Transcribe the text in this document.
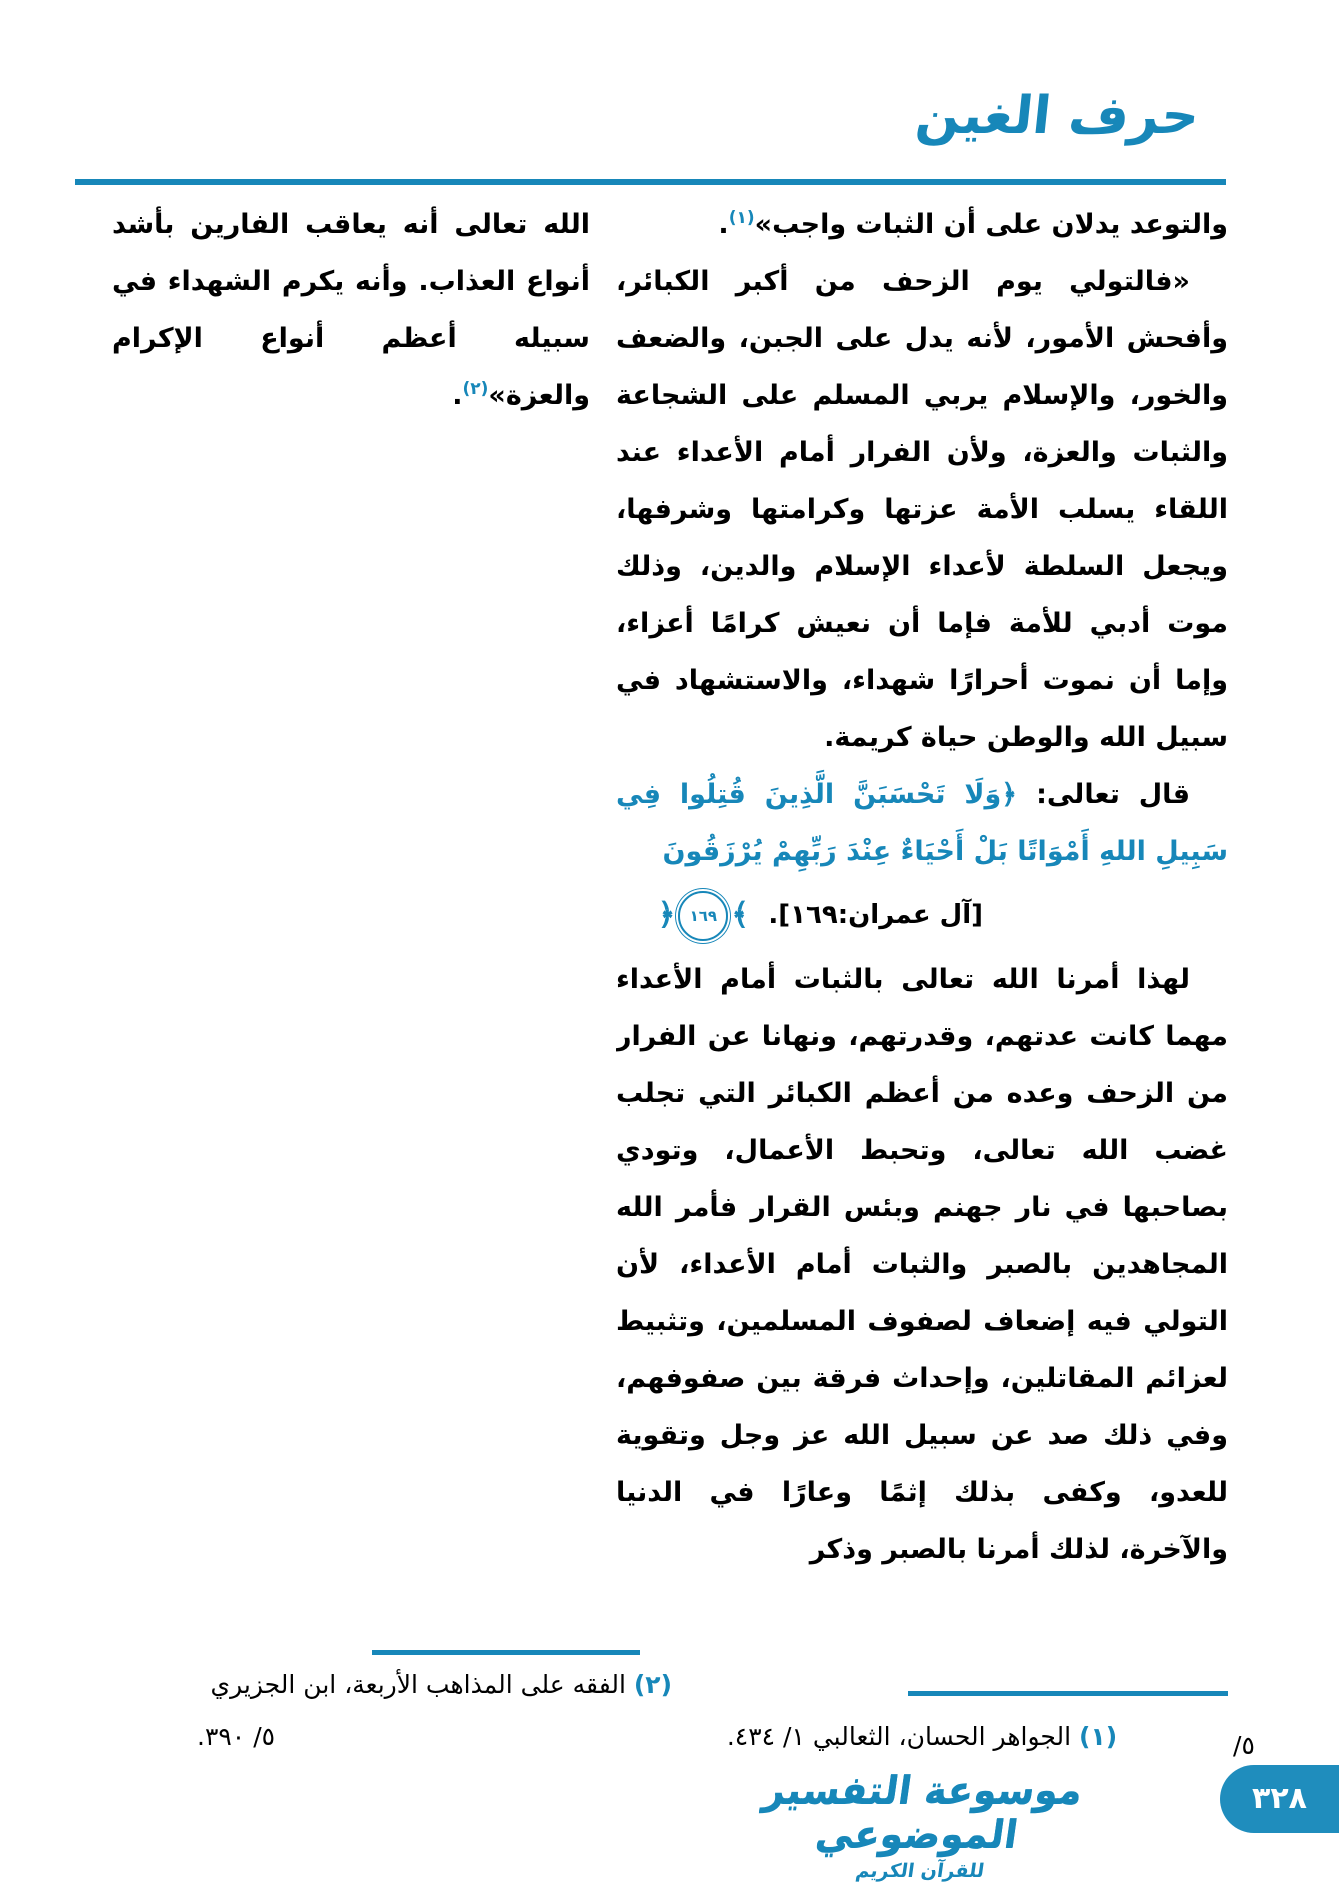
حرف الغين

والتوعد يدلان على أن الثبات واجب»$^{(١)}$.

«فالتولي يوم الزحف من أكبر الكبائر، وأفحش الأمور، لأنه يدل على الجبن، والضعف والخور، والإسلام يربي المسلم على الشجاعة والثبات والعزة، ولأن الفرار أمام الأعداء عند اللقاء يسلب الأمة عزتها وكرامتها وشرفها، ويجعل السلطة لأعداء الإسلام والدين، وذلك موت أدبي للأمة فإما أن نعيش كرامًا أعزاء، وإما أن نموت أحرارًا شهداء، والاستشهاد في سبيل الله والوطن حياة كريمة.

قال تعالى: ﴿وَلَا تَحْسَبَنَّ الَّذِينَ قُتِلُوا فِي سَبِيلِ اللهِ أَمْوَاتًا بَلْ أَحْيَاءٌ عِنْدَ رَبِّهِمْ يُرْزَقُونَ

[آل عمران:١٦٩]. ﴾١٦٩﴿

لهذا أمرنا الله تعالى بالثبات أمام الأعداء مهما كانت عدتهم، وقدرتهم، ونهانا عن الفرار من الزحف وعده من أعظم الكبائر التي تجلب غضب الله تعالى، وتحبط الأعمال، وتودي بصاحبها في نار جهنم وبئس القرار فأمر الله المجاهدين بالصبر والثبات أمام الأعداء، لأن التولي فيه إضعاف لصفوف المسلمين، وتثبيط لعزائم المقاتلين، وإحداث فرقة بين صفوفهم، وفي ذلك صد عن سبيل الله عز وجل وتقوية للعدو، وكفى بذلك إثمًا وعارًا في الدنيا والآخرة، لذلك أمرنا بالصبر وذكر

الله تعالى أنه يعاقب الفارين بأشد أنواع العذاب. وأنه يكرم الشهداء في سبيله أعظم أنواع الإكرام والعزة»$^{(٢)}$.

(١) الجواهر الحسان، الثعالبي ١/ ٤٣٤.
(٢) الفقه على المذاهب الأربعة، ابن الجزيري
٥/ ٣٩٠.	٥/
موسوعة التفسير الموضوعي
للقرآن الكريم
٣٢٨
